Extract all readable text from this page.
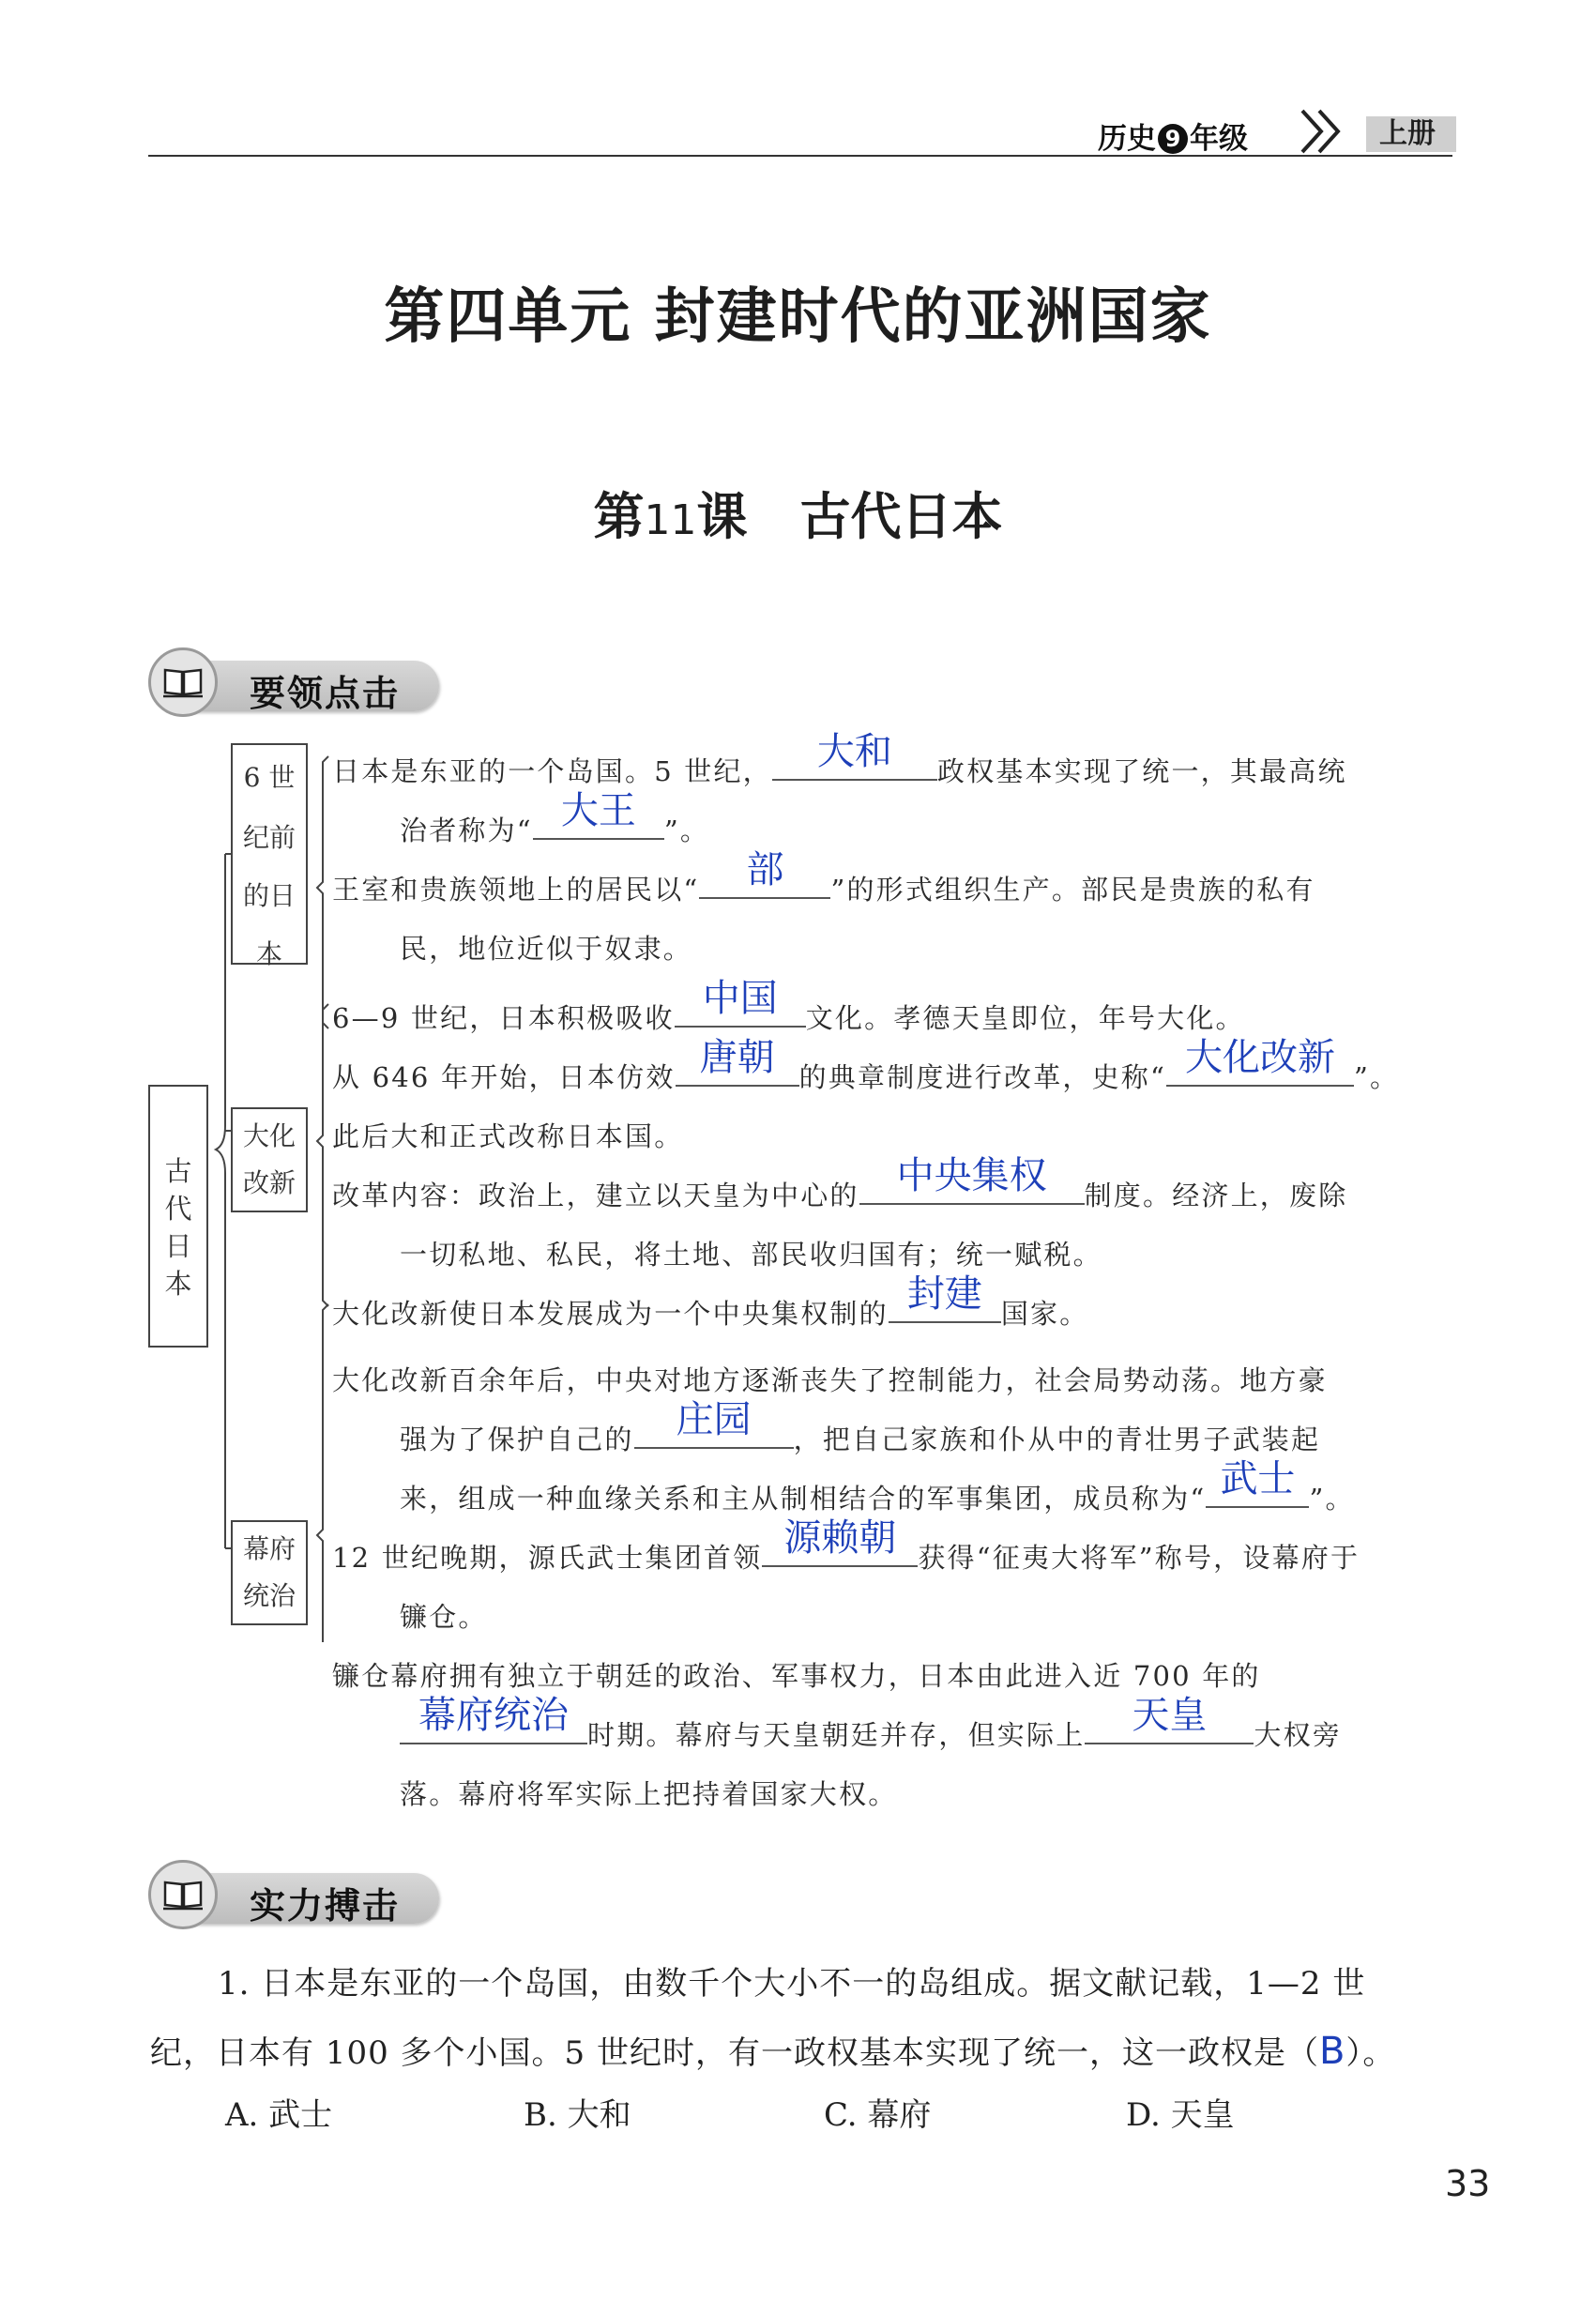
历史 9 年级	上册
第四单元 封建时代的亚洲国家
第11课 古代日本
要领点击
古代日本
6 世
纪前
的日
本
大化
改新
幕府
统治
日本是东亚的一个岛国。5 世纪，	大和	政权基本实现了统一，其最高统
治者称为“ 大王	”。
王室和贵族领地上的居民以“	部	”的形式组织生产。部民是贵族的私有
民，地位近似于奴隶。
6—9 世纪，日本积极吸收 中国	文化。孝德天皇即位，年号大化。
从 646 年开始，日本仿效 唐朝 的典章制度进行改革，史称“ 大化改新 ”。
此后大和正式改称日本国。
改革内容：政治上，建立以天皇为中心的	中央集权	制度。经济上，废除
一切私地、私民，将土地、部民收归国有；统一赋税。
大化改新使日本发展成为一个中央集权制的 封建 国家。
大化改新百余年后，中央对地方逐渐丧失了控制能力，社会局势动荡。地方豪
强为了保护自己的	庄园	，把自己家族和仆从中的青壮男子武装起
来，组成一种血缘关系和主从制相结合的军事集团，成员称为“ 武士 ”。
12 世纪晚期，源氏武士集团首领 源赖朝 获得“征夷大将军”称号，设幕府于
镰仓。
镰仓幕府拥有独立于朝廷的政治、军事权力，日本由此进入近 700 年的
幕府统治 时期。幕府与天皇朝廷并存，但实际上	天皇	大权旁
落。幕府将军实际上把持着国家大权。
实力搏击
1. 日本是东亚的一个岛国，由数千个大小不一的岛组成。据文献记载，1—2 世
纪，日本有 100 多个小国。5 世纪时，有一政权基本实现了统一，这一政权是（B）。
A. 武士	B. 大和	C. 幕府	D. 天皇
33
